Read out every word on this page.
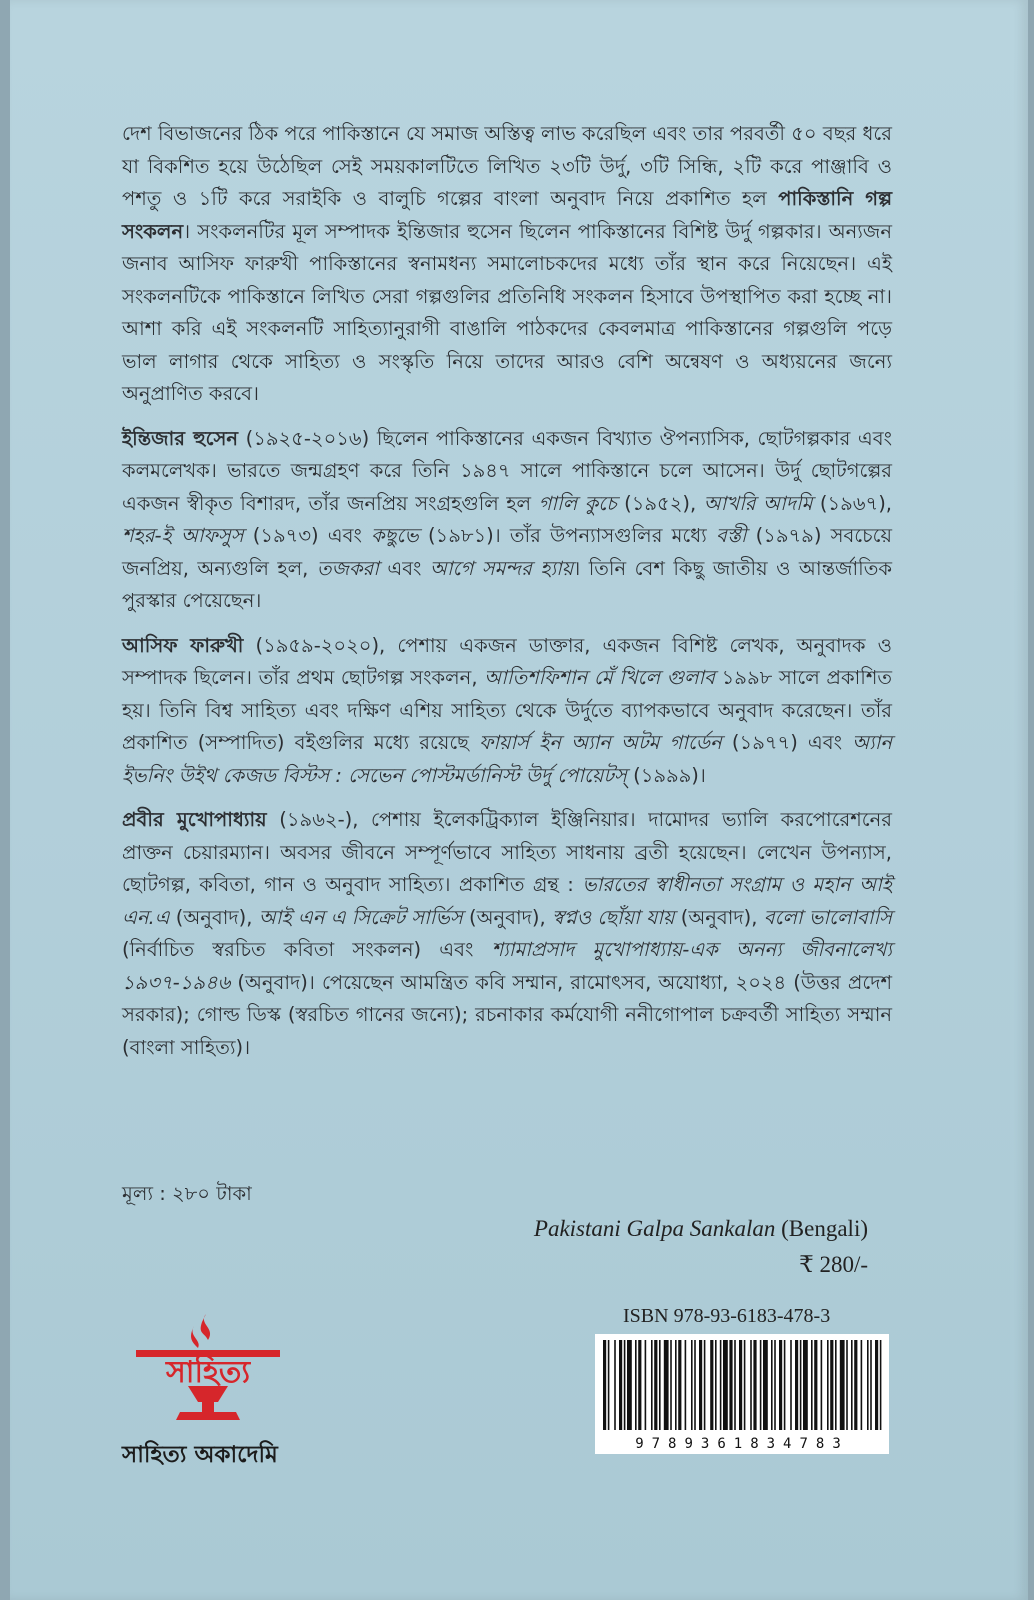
দেশ বিভাজনের ঠিক পরে পাকিস্তানে যে সমাজ অস্তিত্ব লাভ করেছিল এবং তার পরবর্তী ৫০ বছর ধরে যা বিকশিত হয়ে উঠেছিল সেই সময়কালটিতে লিখিত ২৩টি উর্দু, ৩টি সিন্ধি, ২টি করে পাঞ্জাবি ও পশতু ও ১টি করে সরাইকি ও বালুচি গল্পের বাংলা অনুবাদ নিয়ে প্রকাশিত হল পাকিস্তানি গল্প সংকলন। সংকলনটির মূল সম্পাদক ইন্তিজার হুসেন ছিলেন পাকিস্তানের বিশিষ্ট উর্দু গল্পকার। অন্যজন জনাব আসিফ ফারুখী পাকিস্তানের স্বনামধন্য সমালোচকদের মধ্যে তাঁর স্থান করে নিয়েছেন। এই সংকলনটিকে পাকিস্তানে লিখিত সেরা গল্পগুলির প্রতিনিধি সংকলন হিসাবে উপস্থাপিত করা হচ্ছে না। আশা করি এই সংকলনটি সাহিত্যানুরাগী বাঙালি পাঠকদের কেবলমাত্র পাকিস্তানের গল্পগুলি পড়ে ভাল লাগার থেকে সাহিত্য ও সংস্কৃতি নিয়ে তাদের আরও বেশি অন্বেষণ ও অধ্যয়নের জন্যে অনুপ্রাণিত করবে।

ইন্তিজার হুসেন (১৯২৫-২০১৬) ছিলেন পাকিস্তানের একজন বিখ্যাত ঔপন্যাসিক, ছোটগল্পকার এবং কলমলেখক। ভারতে জন্মগ্রহণ করে তিনি ১৯৪৭ সালে পাকিস্তানে চলে আসেন। উর্দু ছোটগল্পের একজন স্বীকৃত বিশারদ, তাঁর জনপ্রিয় সংগ্রহগুলি হল গালি কুচে (১৯৫২), আখরি আদমি (১৯৬৭), শহর-ই আফসুস (১৯৭৩) এবং কছুভে (১৯৮১)। তাঁর উপন্যাসগুলির মধ্যে বস্তী (১৯৭৯) সবচেয়ে জনপ্রিয়, অন্যগুলি হল, তজকরা এবং আগে সমন্দর হ্যায়। তিনি বেশ কিছু জাতীয় ও আন্তর্জাতিক পুরস্কার পেয়েছেন।

আসিফ ফারুখী (১৯৫৯-২০২০), পেশায় একজন ডাক্তার, একজন বিশিষ্ট লেখক, অনুবাদক ও সম্পাদক ছিলেন। তাঁর প্রথম ছোটগল্প সংকলন, আতিশফিশান মেঁ খিলে গুলাব ১৯৯৮ সালে প্রকাশিত হয়। তিনি বিশ্ব সাহিত্য এবং দক্ষিণ এশিয় সাহিত্য থেকে উর্দুতে ব্যাপকভাবে অনুবাদ করেছেন। তাঁর প্রকাশিত (সম্পাদিত) বইগুলির মধ্যে রয়েছে ফায়ার্স ইন অ্যান অটম গার্ডেন (১৯৭৭) এবং অ্যান ইভনিং উইথ কেজড বিস্টস : সেভেন পোস্টমর্ডানিস্ট উর্দু পোয়েটস্ (১৯৯৯)।

প্রবীর মুখোপাধ্যায় (১৯৬২-), পেশায় ইলেকট্রিক্যাল ইঞ্জিনিয়ার। দামোদর ভ্যালি করপোরেশনের প্রাক্তন চেয়ারম্যান। অবসর জীবনে সম্পূর্ণভাবে সাহিত্য সাধনায় ব্রতী হয়েছেন। লেখেন উপন্যাস, ছোটগল্প, কবিতা, গান ও অনুবাদ সাহিত্য। প্রকাশিত গ্রন্থ : ভারতের স্বাধীনতা সংগ্রাম ও মহান আই এন.এ (অনুবাদ), আই এন এ সিক্রেট সার্ভিস (অনুবাদ), স্বপ্নও ছোঁয়া যায় (অনুবাদ), বলো ভালোবাসি (নির্বাচিত স্বরচিত কবিতা সংকলন) এবং শ্যামাপ্রসাদ মুখোপাধ্যায়-এক অনন্য জীবনালেখ্য ১৯৩৭-১৯৪৬ (অনুবাদ)। পেয়েছেন আমন্ত্রিত কবি সম্মান, রামোৎসব, অযোধ্যা, ২০২৪ (উত্তর প্রদেশ সরকার); গোল্ড ডিস্ক (স্বরচিত গানের জন্যে); রচনাকার কর্মযোগী ননীগোপাল চক্রবর্তী সাহিত্য সম্মান (বাংলা সাহিত্য)।

মূল্য : ২৮০ টাকা
Pakistani Galpa Sankalan (Bengali)
₹ 280/-
ISBN 978-93-6183-478-3
9789361834783
সাহিত্য
সাহিত্য অকাদেমি
